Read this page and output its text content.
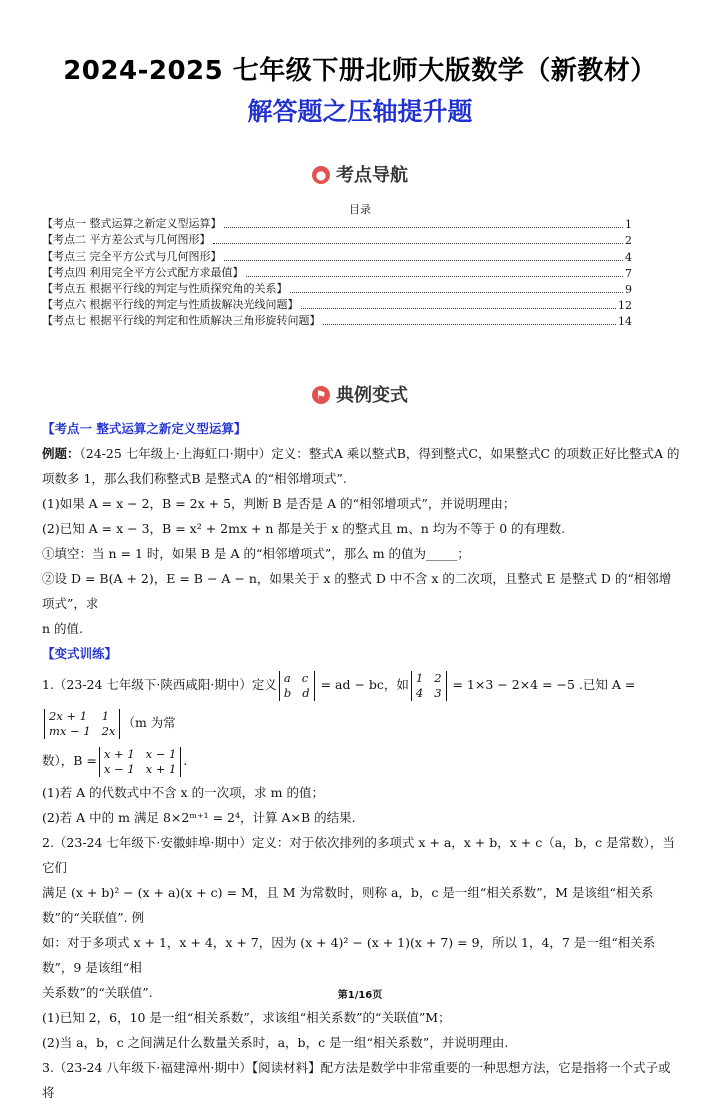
2024-2025 七年级下册北师大版数学（新教材）
解答题之压轴提升题
● 考点导航
目录
【考点一 整式运算之新定义型运算】	1
【考点二 平方差公式与几何图形】	2
【考点三 完全平方公式与几何图形】	4
【考点四 利用完全平方公式配方求最值】	7
【考点五 根据平行线的判定与性质探究角的关系】	9
【考点六 根据平行线的判定与性质拔解决光线问题】	12
【考点七 根据平行线的判定和性质解决三角形旋转问题】	14
⚑ 典例变式

【考点一 整式运算之新定义型运算】

例题：（24-25 七年级上·上海虹口·期中）定义：整式A 乘以整式B，得到整式C，如果整式C 的项数正好比整式A 的

项数多 1，那么我们称整式B 是整式A 的“相邻增项式”.

(1)如果 A = x − 2，B = 2x + 5，判断 B 是否是 A 的“相邻增项式”，并说明理由；

(2)已知 A = x − 3，B = x² + 2mx + n 都是关于 x 的整式且 m、n 均为不等于 0 的有理数.

①填空：当 n = 1 时，如果 B 是 A 的“相邻增项式”，那么 m 的值为_____；

②设 D = B(A + 2)，E = B − A − n，如果关于 x 的整式 D 中不含 x 的二次项，且整式 E 是整式 D 的“相邻增项式”，求

n 的值.

【变式训练】

1.（23-24 七年级下·陕西咸阳·期中）定义 a   c
b   d
= ad − bc，如 1   2
4   3
= 1×3 − 2×4 = −5 .已知 A =
2x + 1    1
mx − 1   2x
（m 为常

数），B = x + 1   x − 1
x − 1   x + 1
.

(1)若 A 的代数式中不含 x 的一次项，求 m 的值；

(2)若 A 中的 m 满足 8×2ᵐ⁺¹ = 2⁴，计算 A×B 的结果.

2.（23-24 七年级下·安徽蚌埠·期中）定义：对于依次排列的多项式 x + a，x + b，x + c（a，b，c 是常数），当它们

满足 (x + b)² − (x + a)(x + c) = M，且 M 为常数时，则称 a，b，c 是一组“相关系数”，M 是该组“相关系数”的“关联值”. 例

如：对于多项式 x + 1，x + 4，x + 7，因为 (x + 4)² − (x + 1)(x + 7) = 9，所以 1，4，7 是一组“相关系数”，9 是该组“相

关系数”的“关联值”.

(1)已知 2，6，10 是一组“相关系数”，求该组“相关系数”的“关联值”M；

(2)当 a，b，c 之间满足什么数量关系时，a，b，c 是一组“相关系数”，并说明理由.

3.（23-24 八年级下·福建漳州·期中）【阅读材料】配方法是数学中非常重要的一种思想方法，它是指将一个式子或将

第1/16页
